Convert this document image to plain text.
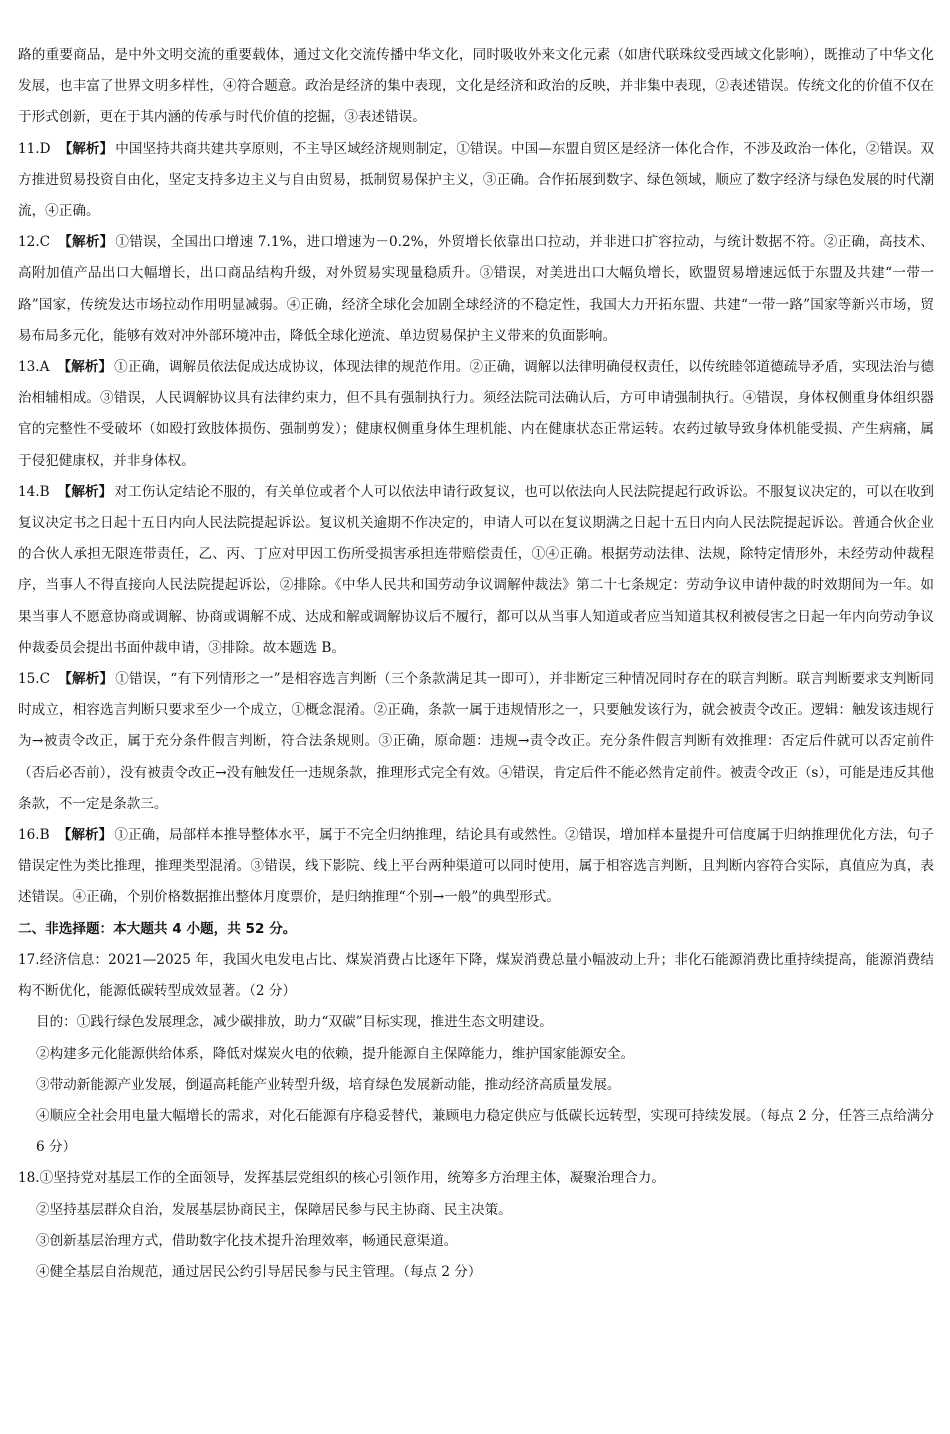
路的重要商品，是中外文明交流的重要载体，通过文化交流传播中华文化，同时吸收外来文化元素（如唐代联珠纹受西域文化影响），既推动了中华文化发展，也丰富了世界文明多样性，④符合题意。政治是经济的集中表现，文化是经济和政治的反映，并非集中表现，②表述错误。传统文化的价值不仅在于形式创新，更在于其内涵的传承与时代价值的挖掘，③表述错误。

11.D 【解析】 中国坚持共商共建共享原则，不主导区域经济规则制定，①错误。中国—东盟自贸区是经济一体化合作，不涉及政治一体化，②错误。双方推进贸易投资自由化，坚定支持多边主义与自由贸易，抵制贸易保护主义，③正确。合作拓展到数字、绿色领域，顺应了数字经济与绿色发展的时代潮流，④正确。
12.C 【解析】 ①错误，全国出口增速 7.1%，进口增速为－0.2%，外贸增长依靠出口拉动，并非进口扩容拉动，与统计数据不符。②正确，高技术、高附加值产品出口大幅增长，出口商品结构升级，对外贸易实现量稳质升。③错误，对美进出口大幅负增长，欧盟贸易增速远低于东盟及共建“一带一路”国家，传统发达市场拉动作用明显减弱。④正确，经济全球化会加剧全球经济的不稳定性，我国大力开拓东盟、共建“一带一路”国家等新兴市场，贸易布局多元化，能够有效对冲外部环境冲击，降低全球化逆流、单边贸易保护主义带来的负面影响。
13.A 【解析】 ①正确，调解员依法促成达成协议，体现法律的规范作用。②正确，调解以法律明确侵权责任，以传统睦邻道德疏导矛盾，实现法治与德治相辅相成。③错误，人民调解协议具有法律约束力，但不具有强制执行力。须经法院司法确认后，方可申请强制执行。④错误，身体权侧重身体组织器官的完整性不受破坏（如殴打致肢体损伤、强制剪发）；健康权侧重身体生理机能、内在健康状态正常运转。农药过敏导致身体机能受损、产生病痛，属于侵犯健康权，并非身体权。
14.B 【解析】 对工伤认定结论不服的，有关单位或者个人可以依法申请行政复议，也可以依法向人民法院提起行政诉讼。不服复议决定的，可以在收到复议决定书之日起十五日内向人民法院提起诉讼。复议机关逾期不作决定的，申请人可以在复议期满之日起十五日内向人民法院提起诉讼。普通合伙企业的合伙人承担无限连带责任，乙、丙、丁应对甲因工伤所受损害承担连带赔偿责任，①④正确。根据劳动法律、法规，除特定情形外，未经劳动仲裁程序，当事人不得直接向人民法院提起诉讼，②排除。《中华人民共和国劳动争议调解仲裁法》第二十七条规定：劳动争议申请仲裁的时效期间为一年。如果当事人不愿意协商或调解、协商或调解不成、达成和解或调解协议后不履行，都可以从当事人知道或者应当知道其权利被侵害之日起一年内向劳动争议仲裁委员会提出书面仲裁申请，③排除。故本题选 B。
15.C 【解析】 ①错误，“有下列情形之一”是相容选言判断（三个条款满足其一即可），并非断定三种情况同时存在的联言判断。联言判断要求支判断同时成立，相容选言判断只要求至少一个成立，①概念混淆。②正确，条款一属于违规情形之一，只要触发该行为，就会被责令改正。逻辑：触发该违规行为→被责令改正，属于充分条件假言判断，符合法条规则。③正确，原命题：违规→责令改正。充分条件假言判断有效推理：否定后件就可以否定前件（否后必否前），没有被责令改正→没有触发任一违规条款，推理形式完全有效。④错误，肯定后件不能必然肯定前件。被责令改正（s），可能是违反其他条款，不一定是条款三。
16.B 【解析】 ①正确，局部样本推导整体水平，属于不完全归纳推理，结论具有或然性。②错误，增加样本量提升可信度属于归纳推理优化方法，句子错误定性为类比推理，推理类型混淆。③错误，线下影院、线上平台两种渠道可以同时使用，属于相容选言判断，且判断内容符合实际，真值应为真，表述错误。④正确，个别价格数据推出整体月度票价，是归纳推理“个别→一般”的典型形式。

二、非选择题：本大题共 4 小题，共 52 分。

17.经济信息：2021—2025 年，我国火电发电占比、煤炭消费占比逐年下降，煤炭消费总量小幅波动上升；非化石能源消费比重持续提高，能源消费结构不断优化，能源低碳转型成效显著。（2 分）

目的：①践行绿色发展理念，减少碳排放，助力“双碳”目标实现，推进生态文明建设。

②构建多元化能源供给体系，降低对煤炭火电的依赖，提升能源自主保障能力，维护国家能源安全。

③带动新能源产业发展，倒逼高耗能产业转型升级，培育绿色发展新动能，推动经济高质量发展。

④顺应全社会用电量大幅增长的需求，对化石能源有序稳妥替代，兼顾电力稳定供应与低碳长远转型，实现可持续发展。（每点 2 分，任答三点给满分 6 分）

18.①坚持党对基层工作的全面领导，发挥基层党组织的核心引领作用，统筹多方治理主体，凝聚治理合力。

②坚持基层群众自治，发展基层协商民主，保障居民参与民主协商、民主决策。

③创新基层治理方式，借助数字化技术提升治理效率，畅通民意渠道。

④健全基层自治规范，通过居民公约引导居民参与民主管理。（每点 2 分）
